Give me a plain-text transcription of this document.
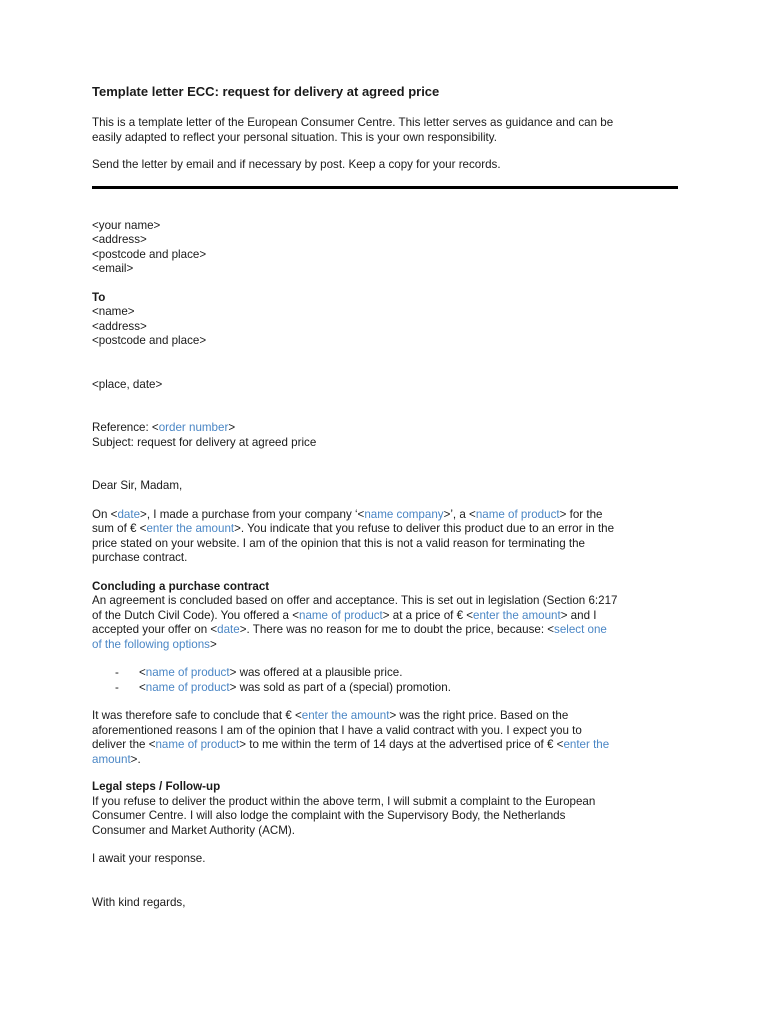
Template letter ECC: request for delivery at agreed price
This is a template letter of the European Consumer Centre. This letter serves as guidance and can be
easily adapted to reflect your personal situation. This is your own responsibility.
Send the letter by email and if necessary by post. Keep a copy for your records.
<your name>
<address>
<postcode and place>
<email>
To
<name>
<address>
<postcode and place>
<place, date>
Reference: <order number>
Subject: request for delivery at agreed price
Dear Sir, Madam,
On <date>, I made a purchase from your company ‘<name company>’, a <name of product> for the
sum of € <enter the amount>. You indicate that you refuse to deliver this product due to an error in the
price stated on your website. I am of the opinion that this is not a valid reason for terminating the
purchase contract.
Concluding a purchase contract
An agreement is concluded based on offer and acceptance. This is set out in legislation (Section 6:217
of the Dutch Civil Code). You offered a <name of product> at a price of € <enter the amount> and I
accepted your offer on <date>. There was no reason for me to doubt the price, because: <select one
of the following options>
- <name of product> was offered at a plausible price.
- <name of product> was sold as part of a (special) promotion.
It was therefore safe to conclude that € <enter the amount> was the right price. Based on the
aforementioned reasons I am of the opinion that I have a valid contract with you. I expect you to
deliver the <name of product> to me within the term of 14 days at the advertised price of € <enter the
amount>.
Legal steps / Follow-up
If you refuse to deliver the product within the above term, I will submit a complaint to the European
Consumer Centre. I will also lodge the complaint with the Supervisory Body, the Netherlands
Consumer and Market Authority (ACM).
I await your response.
With kind regards,
